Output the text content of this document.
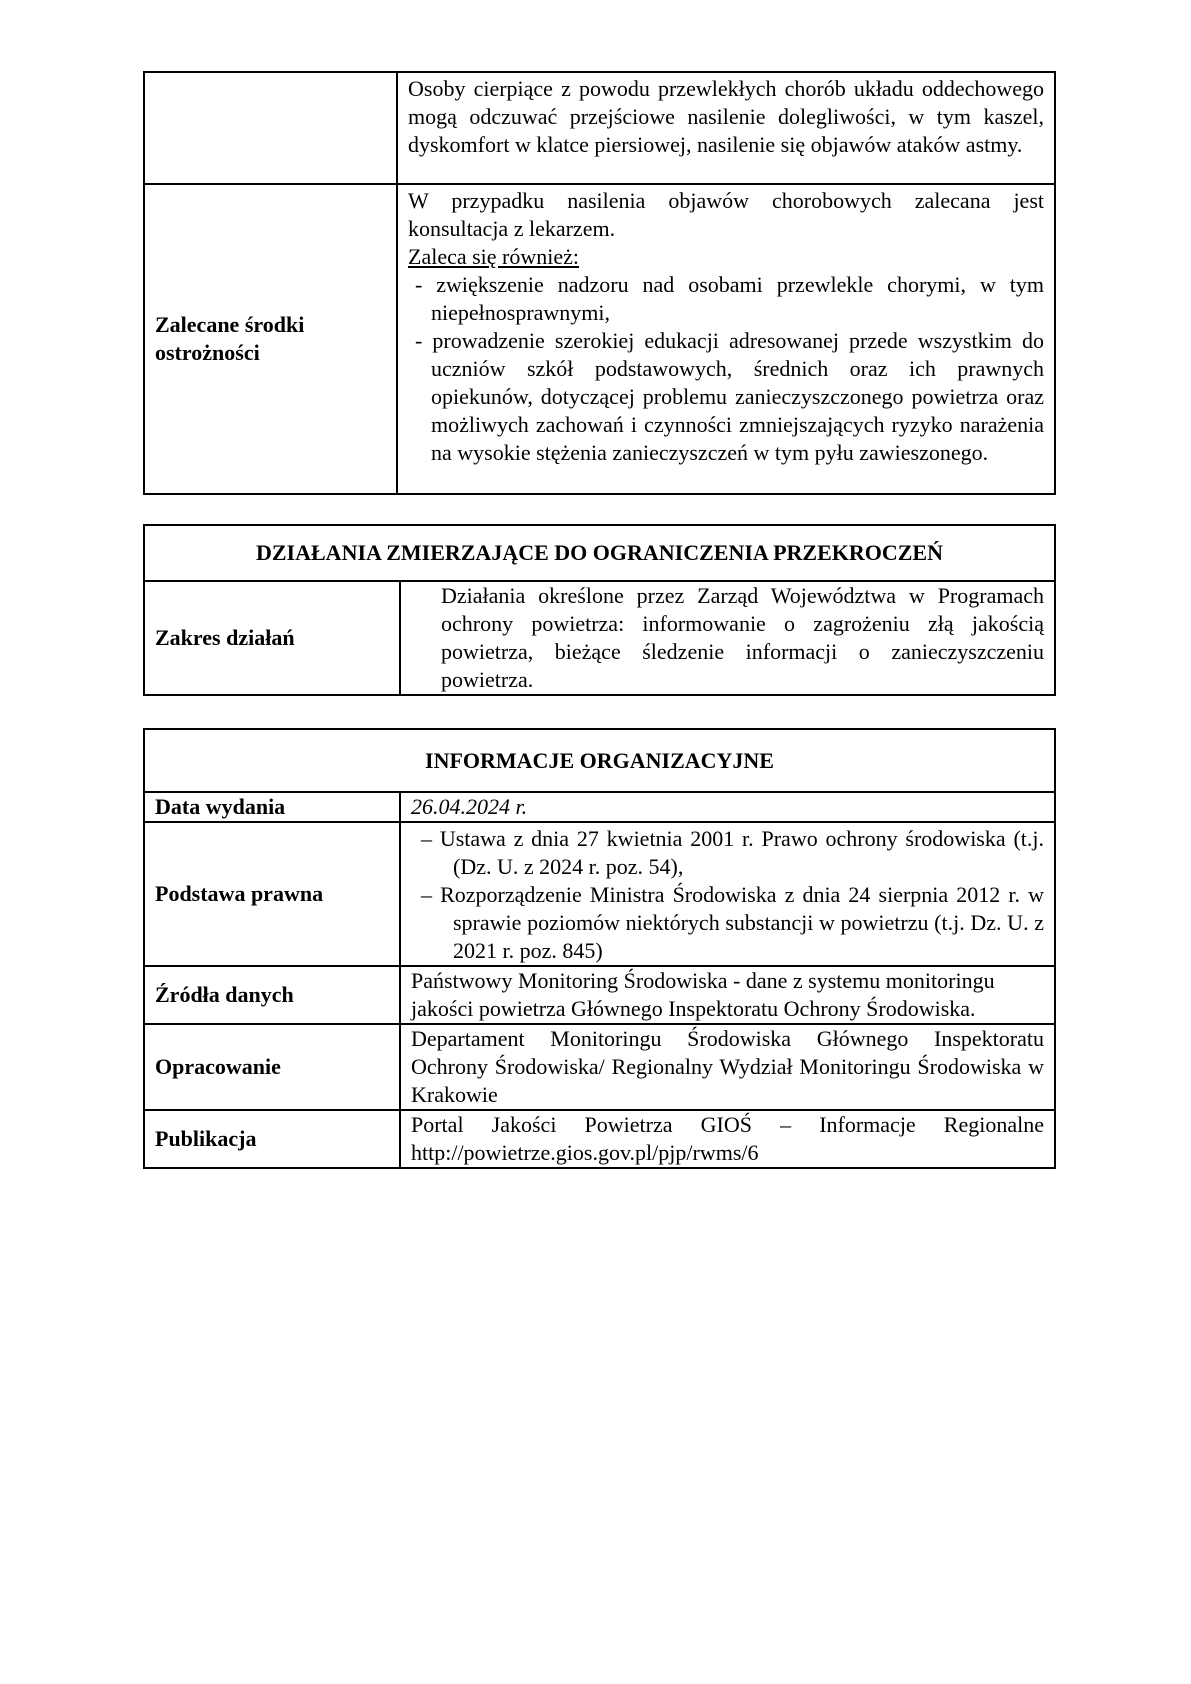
	Osoby cierpiące z powodu przewlekłych chorób układu oddechowego mogą odczuwać przejściowe nasilenie dolegliwości, w tym kaszel, dyskomfort w klatce piersiowej, nasilenie się objawów ataków astmy.
Zalecane środki ostrożności	W przypadku nasilenia objawów chorobowych zalecana jest konsultacja z lekarzem.

Zaleca się również:

- zwiększenie nadzoru nad osobami przewlekle chorymi, w tym niepełnosprawnymi,

- prowadzenie szerokiej edukacji adresowanej przede wszystkim do uczniów szkół podstawowych, średnich oraz ich prawnych opiekunów, dotyczącej problemu zanieczyszczonego powietrza oraz możliwych zachowań i czynności zmniejszających ryzyko narażenia na wysokie stężenia zanieczyszczeń w tym pyłu zawieszonego.

DZIAŁANIA ZMIERZAJĄCE DO OGRANICZENIA PRZEKROCZEŃ
Zakres działań	Działania określone przez Zarząd Województwa w Programach ochrony powietrza: informowanie o zagrożeniu złą jakością powietrza, bieżące śledzenie informacji o zanieczyszczeniu powietrza.
INFORMACJE ORGANIZACYJNE	
Data wydania	26.04.2024 r.
Podstawa prawna	– Ustawa z dnia 27 kwietnia 2001 r. Prawo ochrony środowiska (t.j. (Dz. U. z 2024 r. poz. 54),

– Rozporządzenie Ministra Środowiska z dnia 24 sierpnia 2012 r. w sprawie poziomów niektórych substancji w powietrzu (t.j. Dz. U. z 2021 r. poz. 845)

Źródła danych	Państwowy Monitoring Środowiska - dane z systemu monitoringu jakości powietrza Głównego Inspektoratu Ochrony Środowiska.
Opracowanie	Departament Monitoringu Środowiska Głównego Inspektoratu Ochrony Środowiska/ Regionalny Wydział Monitoringu Środowiska w Krakowie
Publikacja	Portal Jakości Powietrza GIOŚ – Informacje Regionalne http://powietrze.gios.gov.pl/pjp/rwms/6
